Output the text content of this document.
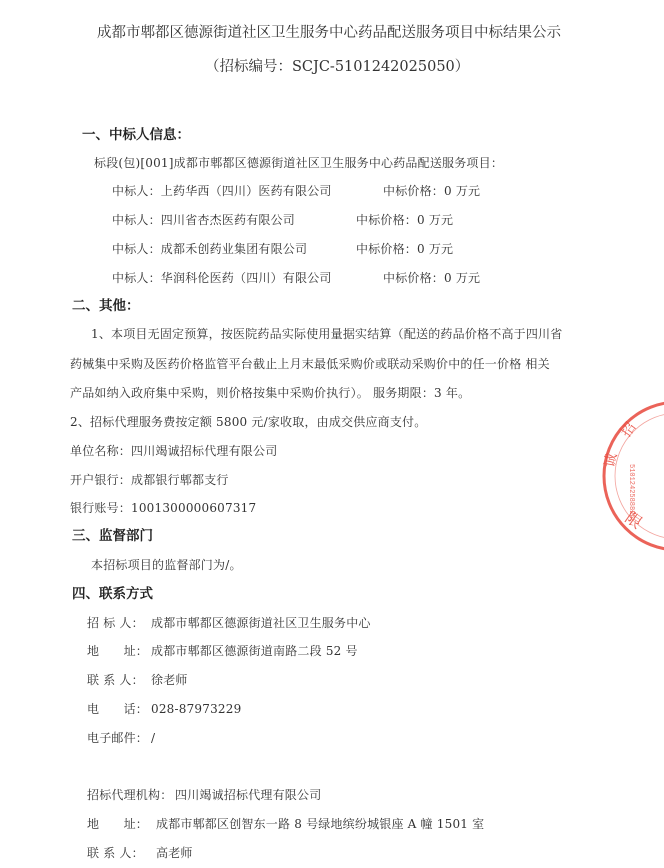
成都市郫都区德源街道社区卫生服务中心药品配送服务项目中标结果公示
（招标编号：SCJC-5101242025050）
一、中标人信息：
标段(包)[001]成都市郫都区德源街道社区卫生服务中心药品配送服务项目：
中标人：上药华西（四川）医药有限公司	中标价格：0 万元
中标人：四川省杏杰医药有限公司	中标价格：0 万元
中标人：成都禾创药业集团有限公司	中标价格：0 万元
中标人：华润科伦医药（四川）有限公司	中标价格：0 万元
二、其他：
1、本项目无固定预算，按医院药品实际使用量据实结算（配送的药品价格不高于四川省
药械集中采购及医药价格监管平台截止上月末最低采购价或联动采购价中的任一价格 相关
产品如纳入政府集中采购，则价格按集中采购价执行）。 服务期限：3 年。
2、招标代理服务费按定额 5800 元/家收取，由成交供应商支付。
单位名称：四川竭诚招标代理有限公司
开户银行：成都银行郫都支行
银行账号：1001300000607317
三、监督部门
本招标项目的监督部门为/。
四、联系方式
招 标 人： 成都市郫都区德源街道社区卫生服务中心
地　　址： 成都市郫都区德源街道南路二段 52 号
联 系 人： 徐老师
电　　话： 028-87973229
电子邮件： /
招标代理机构： 四川竭诚招标代理有限公司
地　　址： 成都市郫都区创智东一路 8 号绿地缤纷城银座 A 幢 1501 室
联 系 人： 高老师
招
诚
5101242588825
限
